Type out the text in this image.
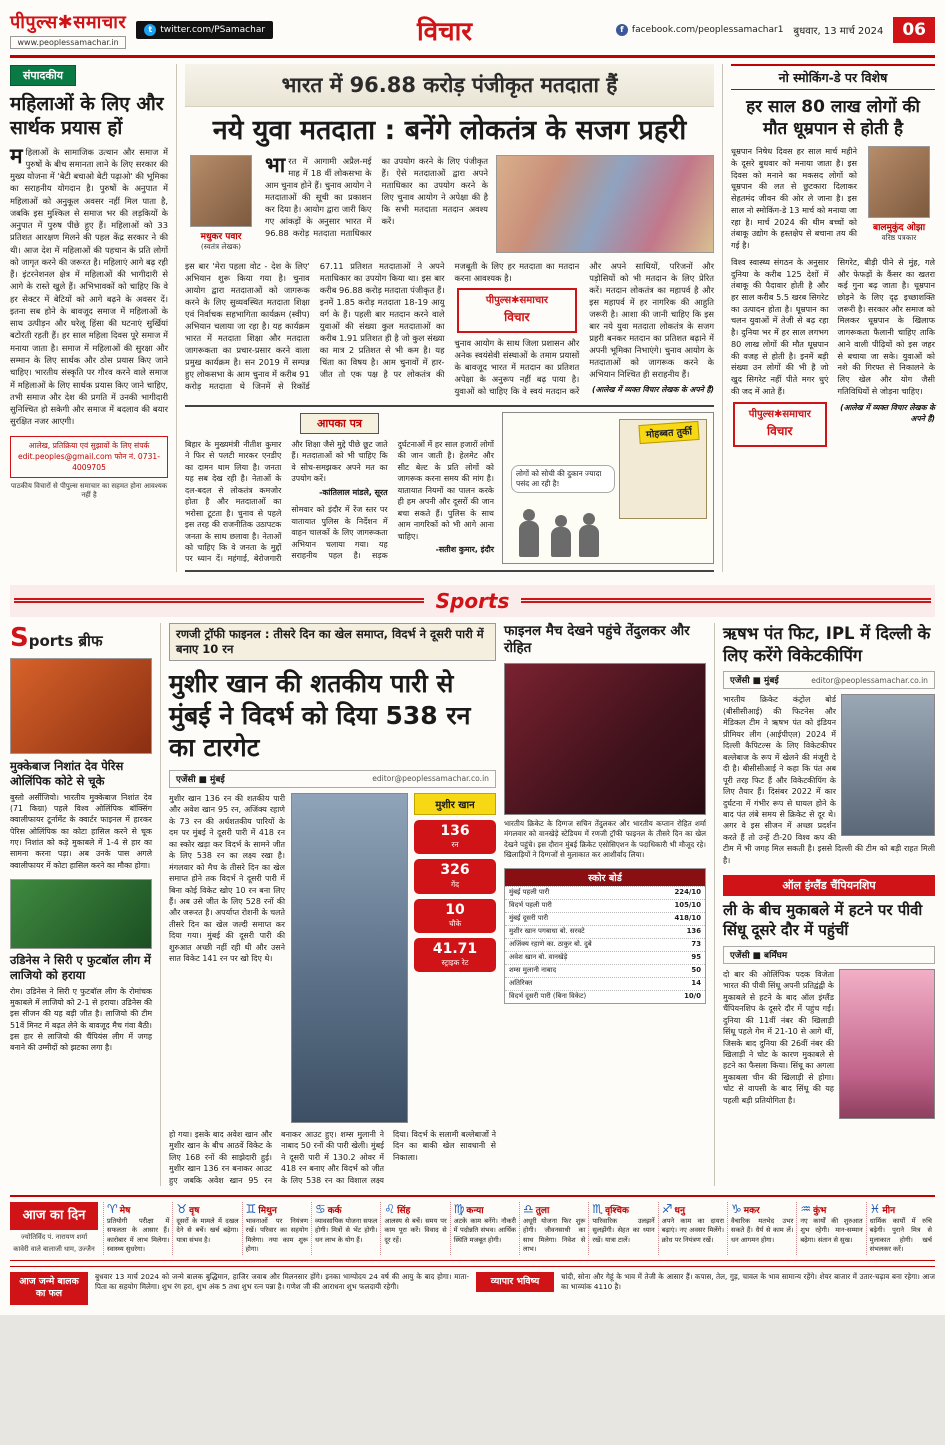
पीपुल्स✱समाचार
www.peoplessamachar.in
t twitter.com/PSamachar	विचार	f facebook.com/peoplessamachar1 बुधवार, 13 मार्च 2024	06
संपादकीय
महिलाओं के लिए और सार्थक प्रयास हों

महिलाओं के सामाजिक उत्थान और समाज में पुरुषों के बीच समानता लाने के लिए सरकार की मुख्य योजना में 'बेटी बचाओ बेटी पढ़ाओ' की भूमिका का सराहनीय योगदान है। पुरुषों के अनुपात में महिलाओं को अनुकूल अवसर नहीं मिल पाता है, जबकि इस मुश्किल से समाज भर की लड़कियों के अनुपात में पुरुष पीछे हुए हैं। महिलाओं को 33 प्रतिशत आरक्षण मिलने की पहल केंद्र सरकार ने की थी। आज देश में महिलाओं की पहचान के प्रति लोगों को जागृत करने की जरूरत है। महिलाएं आगे बढ़ रही हैं। इंटरनेशनल क्षेत्र में महिलाओं की भागीदारी से आगे के रास्ते खुले हैं। अभिभावकों को चाहिए कि वे हर सेक्टर में बेटियों को आगे बढ़ने के अवसर दें। इतना सब होने के बावजूद समाज में महिलाओं के साथ उत्पीड़न और घरेलू हिंसा की घटनाएं सुर्खियां बटोरती रहती हैं। हर साल महिला दिवस पूरे समाज में मनाया जाता है। समाज में महिलाओं की सुरक्षा और सम्मान के लिए सार्थक और ठोस प्रयास किए जाने चाहिए। भारतीय संस्कृति पर गौरव करने वाले समाज में महिलाओं के लिए सार्थक प्रयास किए जाने चाहिए, तभी समाज और देश की प्रगति में उनकी भागीदारी सुनिश्चित हो सकेगी और समाज में बदलाव की बयार सुरक्षित नजर आएगी।

आलेख, प्रतिक्रिया एवं सुझावों के लिए संपर्क
edit.peoples@gmail.com फोन नं. 0731-4009705
पाठकीय विचारों से पीपुल्स समाचार का सहमत होना आवश्यक नहीं है
भारत में 96.88 करोड़ पंजीकृत मतदाता हैं
नये युवा मतदाता : बनेंगे लोकतंत्र के सजग प्रहरी
मधुकर पवार
(स्वतंत्र लेखक)

भारत में आगामी अप्रैल-मई माह में 18 वीं लोकसभा के आम चुनाव होने हैं। चुनाव आयोग ने मतदाताओं की सूची का प्रकाशन कर दिया है। आयोग द्वारा जारी किए गए आंकड़ों के अनुसार भारत में 96.88 करोड़ मतदाता मताधिकार का उपयोग करने के लिए पंजीकृत हैं। ऐसे मतदाताओं द्वारा अपने मताधिकार का उपयोग करने के लिए चुनाव आयोग ने अपेक्षा की है कि सभी मतदाता मतदान अवश्य करें।

इस बार 'मेरा पहला वोट - देश के लिए' अभियान शुरू किया गया है। चुनाव आयोग द्वारा मतदाताओं को जागरूक करने के लिए सुव्यवस्थित मतदाता शिक्षा एवं निर्वाचक सहभागिता कार्यक्रम (स्वीप) अभियान चलाया जा रहा है। यह कार्यक्रम भारत में मतदाता शिक्षा और मतदाता जागरूकता का प्रचार-प्रसार करने वाला प्रमुख कार्यक्रम है। सन 2019 में सम्पन्न हुए लोकसभा के आम चुनाव में करीब 91 करोड़ मतदाता थे जिनमें से रिकॉर्ड 67.11 प्रतिशत मतदाताओं ने अपने मताधिकार का उपयोग किया था। इस बार करीब 96.88 करोड़ मतदाता पंजीकृत हैं। इनमें 1.85 करोड़ मतदाता 18-19 आयु वर्ग के हैं। पहली बार मतदान करने वाले युवाओं की संख्या कुल मतदाताओं का करीब 1.91 प्रतिशत ही है जो कुल संख्या का मात्र 2 प्रतिशत से भी कम है। यह चिंता का विषय है। आम चुनावों में हार-जीत तो एक पक्ष है पर लोकतंत्र की मजबूती के लिए हर मतदाता का मतदान करना आवश्यक है।

पीपुल्स✱समाचार
विचार

चुनाव आयोग के साथ जिला प्रशासन और अनेक स्वयंसेवी संस्थाओं के तमाम प्रयासों के बावजूद भारत में मतदान का प्रतिशत अपेक्षा के अनुरूप नहीं बढ़ पाया है। युवाओं को चाहिए कि वे स्वयं मतदान करें और अपने साथियों, परिजनों और पड़ोसियों को भी मतदान के लिए प्रेरित करें। मतदान लोकतंत्र का महापर्व है और इस महापर्व में हर नागरिक की आहुति जरूरी है। आशा की जानी चाहिए कि इस बार नये युवा मतदाता लोकतंत्र के सजग प्रहरी बनकर मतदान का प्रतिशत बढ़ाने में अपनी भूमिका निभाएंगे। चुनाव आयोग के मतदाताओं को जागरूक करने के अभियान निश्चित ही सराहनीय हैं।

(आलेख में व्यक्त विचार लेखक के अपने हैं)

आपका पत्र

बिहार के मुख्यमंत्री नीतीश कुमार ने फिर से पलटी मारकर एनडीए का दामन थाम लिया है। जनता यह सब देख रही है। नेताओं के दल-बदल से लोकतंत्र कमजोर होता है और मतदाताओं का भरोसा टूटता है। चुनाव से पहले इस तरह की राजनीतिक उठापटक जनता के साथ छलावा है। नेताओं को चाहिए कि वे जनता के मुद्दों पर ध्यान दें। महंगाई, बेरोजगारी और शिक्षा जैसे मुद्दे पीछे छूट जाते हैं। मतदाताओं को भी चाहिए कि वे सोच-समझकर अपने मत का उपयोग करें।

-कांतिलाल मांडले, सूरत

सोमवार को इंदौर में रेंज स्तर पर यातायात पुलिस के निर्देशन में वाहन चालकों के लिए जागरूकता अभियान चलाया गया। यह सराहनीय पहल है। सड़क दुर्घटनाओं में हर साल हजारों लोगों की जान जाती है। हेलमेट और सीट बेल्ट के प्रति लोगों को जागरूक करना समय की मांग है। यातायात नियमों का पालन करके ही हम अपनी और दूसरों की जान बचा सकते हैं। पुलिस के साथ आम नागरिकों को भी आगे आना चाहिए।

-सतीश कुमार, इंदौर

मोहब्बत तुर्की
लोगों को सोची की दुकान ज्यादा पसंद आ रही है!
नो स्मोकिंग-डे पर विशेष
हर साल 80 लाख लोगों की मौत धूम्रपान से होती है

धूम्रपान निषेध दिवस हर साल मार्च महीने के दूसरे बुधवार को मनाया जाता है। इस दिवस को मनाने का मकसद लोगों को धूम्रपान की लत से छुटकारा दिलाकर सेहतमंद जीवन की ओर ले जाना है। इस साल नो स्मोकिंग-डे 13 मार्च को मनाया जा रहा है। मार्च 2024 की थीम बच्चों को तंबाकू उद्योग के हस्तक्षेप से बचाना तय की गई है।

बालमुकुंद ओझा
वरिष्ठ पत्रकार

विश्व स्वास्थ्य संगठन के अनुसार दुनिया के करीब 125 देशों में तंबाकू की पैदावार होती है और हर साल करीब 5.5 खरब सिगरेट का उत्पादन होता है। धूम्रपान का चलन युवाओं में तेजी से बढ़ रहा है। दुनिया भर में हर साल लगभग 80 लाख लोगों की मौत धूम्रपान की वजह से होती है। इनमें बड़ी संख्या उन लोगों की भी है जो खुद सिगरेट नहीं पीते मगर धुएं की जद में आते हैं।

पीपुल्स✱समाचार
विचार

सिगरेट, बीड़ी पीने से मुंह, गले और फेफड़ों के कैंसर का खतरा कई गुना बढ़ जाता है। धूम्रपान छोड़ने के लिए दृढ़ इच्छाशक्ति जरूरी है। सरकार और समाज को मिलकर धूम्रपान के खिलाफ जागरूकता फैलानी चाहिए ताकि आने वाली पीढ़ियों को इस जहर से बचाया जा सके। युवाओं को नशे की गिरफ्त से निकालने के लिए खेल और योग जैसी गतिविधियों से जोड़ना चाहिए।

(आलेख में व्यक्त विचार लेखक के अपने हैं)

Sports
Sports ब्रीफ
मुक्केबाज निशांत देव पेरिस ओलिंपिक कोटे से चूके

बुस्तो अर्सीजियो। भारतीय मुक्केबाज निशांत देव (71 किग्रा) पहले विश्व ओलिंपिक बॉक्सिंग क्वालीफायर टूर्नामेंट के क्वार्टर फाइनल में हारकर पेरिस ओलिंपिक का कोटा हासिल करने से चूक गए। निशांत को कड़े मुकाबले में 1-4 से हार का सामना करना पड़ा। अब उनके पास अगले क्वालीफायर में कोटा हासिल करने का मौका होगा।

उडिनेस ने सिरी ए फुटबॉल लीग में लाजियो को हराया

रोम। उडिनेस ने सिरी ए फुटबॉल लीग के रोमांचक मुकाबले में लाजियो को 2-1 से हराया। उडिनेस की इस सीजन की यह बड़ी जीत है। लाजियो की टीम 51वें मिनट में बढ़त लेने के बावजूद मैच गंवा बैठी। इस हार से लाजियो की चैंपियंस लीग में जगह बनाने की उम्मीदों को झटका लगा है।

रणजी ट्रॉफी फाइनल : तीसरे दिन का खेल समाप्त, विदर्भ ने दूसरी पारी में बनाए 10 रन
मुशीर खान की शतकीय पारी से मुंबई ने विदर्भ को दिया 538 रन का टारगेट
एजेंसी ■ मुंबई	editor@peoplessamachar.co.in

मुशीर खान 136 रन की शतकीय पारी और अवेश खान 95 रन, अजिंक्य रहाणे के 73 रन की अर्धशतकीय पारियों के दम पर मुंबई ने दूसरी पारी में 418 रन का स्कोर खड़ा कर विदर्भ के सामने जीत के लिए 538 रन का लक्ष्य रखा है। मंगलवार को मैच के तीसरे दिन का खेल समाप्त होने तक विदर्भ ने दूसरी पारी में बिना कोई विकेट खोए 10 रन बना लिए हैं। अब उसे जीत के लिए 528 रनों की और जरूरत है। अपर्याप्त रोशनी के चलते तीसरे दिन का खेल जल्दी समाप्त कर दिया गया। मुंबई की दूसरी पारी की शुरुआत अच्छी नहीं रही थी और उसने सात विकेट 141 रन पर खो दिए थे।

मुशीर खान
136
रन
326
गेंद
10
चौके
41.71
स्ट्राइक रेट

हो गया। इसके बाद अवेश खान और मुशीर खान के बीच आठवें विकेट के लिए 168 रनों की साझेदारी हुई। मुशीर खान 136 रन बनाकर आउट हुए जबकि अवेश खान 95 रन बनाकर आउट हुए। शम्स मुलानी ने नाबाद 50 रनों की पारी खेली। मुंबई ने दूसरी पारी में 130.2 ओवर में 418 रन बनाए और विदर्भ को जीत के लिए 538 रन का विशाल लक्ष्य दिया। विदर्भ के सलामी बल्लेबाजों ने दिन का बाकी खेल सावधानी से निकाला।

फाइनल मैच देखने पहुंचे तेंदुलकर और रोहित

भारतीय क्रिकेट के दिग्गज सचिन तेंदुलकर और भारतीय कप्तान रोहित शर्मा मंगलवार को वानखेड़े स्टेडियम में रणजी ट्रॉफी फाइनल के तीसरे दिन का खेल देखने पहुंचे। इस दौरान मुंबई क्रिकेट एसोसिएशन के पदाधिकारी भी मौजूद रहे। खिलाड़ियों ने दिग्गजों से मुलाकात कर आशीर्वाद लिया।

स्कोर बोर्ड
मुंबई पहली पारी	224/10
विदर्भ पहली पारी	105/10
मुंबई दूसरी पारी	418/10
मुशीर खान पगबाधा बो. सरवटे	136
अजिंक्य रहाणे का. ठाकुर बो. दुबे	73
अवेश खान बो. वानखेड़े	95
शम्स मुलानी नाबाद	50
अतिरिक्त	14
विदर्भ दूसरी पारी (बिना विकेट)	10/0
ऋषभ पंत फिट, IPL में दिल्ली के लिए करेंगे विकेटकीपिंग
एजेंसी ■ मुंबई	editor@peoplessamachar.co.in

भारतीय क्रिकेट कंट्रोल बोर्ड (बीसीसीआई) की फिटनेस और मेडिकल टीम ने ऋषभ पंत को इंडियन प्रीमियर लीग (आईपीएल) 2024 में दिल्ली कैपिटल्स के लिए विकेटकीपर बल्लेबाज के रूप में खेलने की मंजूरी दे दी है। बीसीसीआई ने कहा कि पंत अब पूरी तरह फिट हैं और विकेटकीपिंग के लिए तैयार हैं। दिसंबर 2022 में कार दुर्घटना में गंभीर रूप से घायल होने के बाद पंत लंबे समय से क्रिकेट से दूर थे। अगर वे इस सीजन में अच्छा प्रदर्शन करते हैं तो उन्हें टी-20 विश्व कप की टीम में भी जगह मिल सकती है। इससे दिल्ली की टीम को बड़ी राहत मिली है।

ऑल इंग्लैंड चैंपियनशिप
ली के बीच मुकाबले में हटने पर पीवी सिंधू दूसरे दौर में पहुंचीं
एजेंसी ■ बर्मिंघम

दो बार की ओलिंपिक पदक विजेता भारत की पीवी सिंधू अपनी प्रतिद्वंद्वी के मुकाबले से हटने के बाद ऑल इंग्लैंड चैंपियनशिप के दूसरे दौर में पहुंच गईं। दुनिया की 11वीं नंबर की खिलाड़ी सिंधू पहले गेम में 21-10 से आगे थीं, जिसके बाद दुनिया की 26वीं नंबर की खिलाड़ी ने चोट के कारण मुकाबले से हटने का फैसला किया। सिंधू का अगला मुकाबला चीन की खिलाड़ी से होगा। चोट से वापसी के बाद सिंधू की यह पहली बड़ी प्रतियोगिता है।

आज का दिन
ज्योतिर्विद पं. नारायण शर्मा
कावेरी वाले बालाजी धाम, उज्जैन
♈ मेष

प्रतियोगी परीक्षा में सफलता के आसार हैं। कारोबार में लाभ मिलेगा। स्वास्थ्य सुधरेगा।

♉ वृष

दूसरों के मामले में दखल देने से बचें। खर्च बढ़ेगा। यात्रा संभव है।

♊ मिथुन

भावनाओं पर नियंत्रण रखें। परिवार का सहयोग मिलेगा। नया काम शुरू होगा।

♋ कर्क

व्यावसायिक योजना सफल होगी। मित्रों से भेंट होगी। धन लाभ के योग हैं।

♌ सिंह

आलस्य से बचें। समय पर काम पूरा करें। विवाद से दूर रहें।

♍ कन्या

अटके काम बनेंगे। नौकरी में पदोन्नति संभव। आर्थिक स्थिति मजबूत होगी।

♎ तुला

अधूरी योजना फिर शुरू होगी। जीवनसाथी का साथ मिलेगा। निवेश से लाभ।

♏ वृश्चिक

पारिवारिक उलझनें सुलझेंगी। सेहत का ध्यान रखें। यात्रा टालें।

♐ धनु

अपने काम का दायरा बढ़ाएं। नए अवसर मिलेंगे। क्रोध पर नियंत्रण रखें।

♑ मकर

वैचारिक मतभेद उभर सकते हैं। धैर्य से काम लें। धन आगमन होगा।

♒ कुंभ

नए कार्यों की शुरुआत शुभ रहेगी। मान-सम्मान बढ़ेगा। संतान से सुख।

♓ मीन

धार्मिक कार्यों में रुचि बढ़ेगी। पुराने मित्र से मुलाकात होगी। खर्च संभलकर करें।

आज जन्मे बालक का फल

बुधवार 13 मार्च 2024 को जन्मे बालक बुद्धिमान, हाजिर जवाब और मिलनसार होंगे। इनका भाग्योदय 24 वर्ष की आयु के बाद होगा। माता-पिता का सहयोग मिलेगा। शुभ रंग हरा, शुभ अंक 5 तथा शुभ रत्न पन्ना है। गणेश जी की आराधना शुभ फलदायी रहेगी।	व्यापार भविष्य	चांदी, सोना और गेहूं के भाव में तेजी के आसार हैं। कपास, तेल, गुड़, चावल के भाव सामान्य रहेंगे। शेयर बाजार में उतार-चढ़ाव बना रहेगा। आज का भाव्यांक 4110 है।
